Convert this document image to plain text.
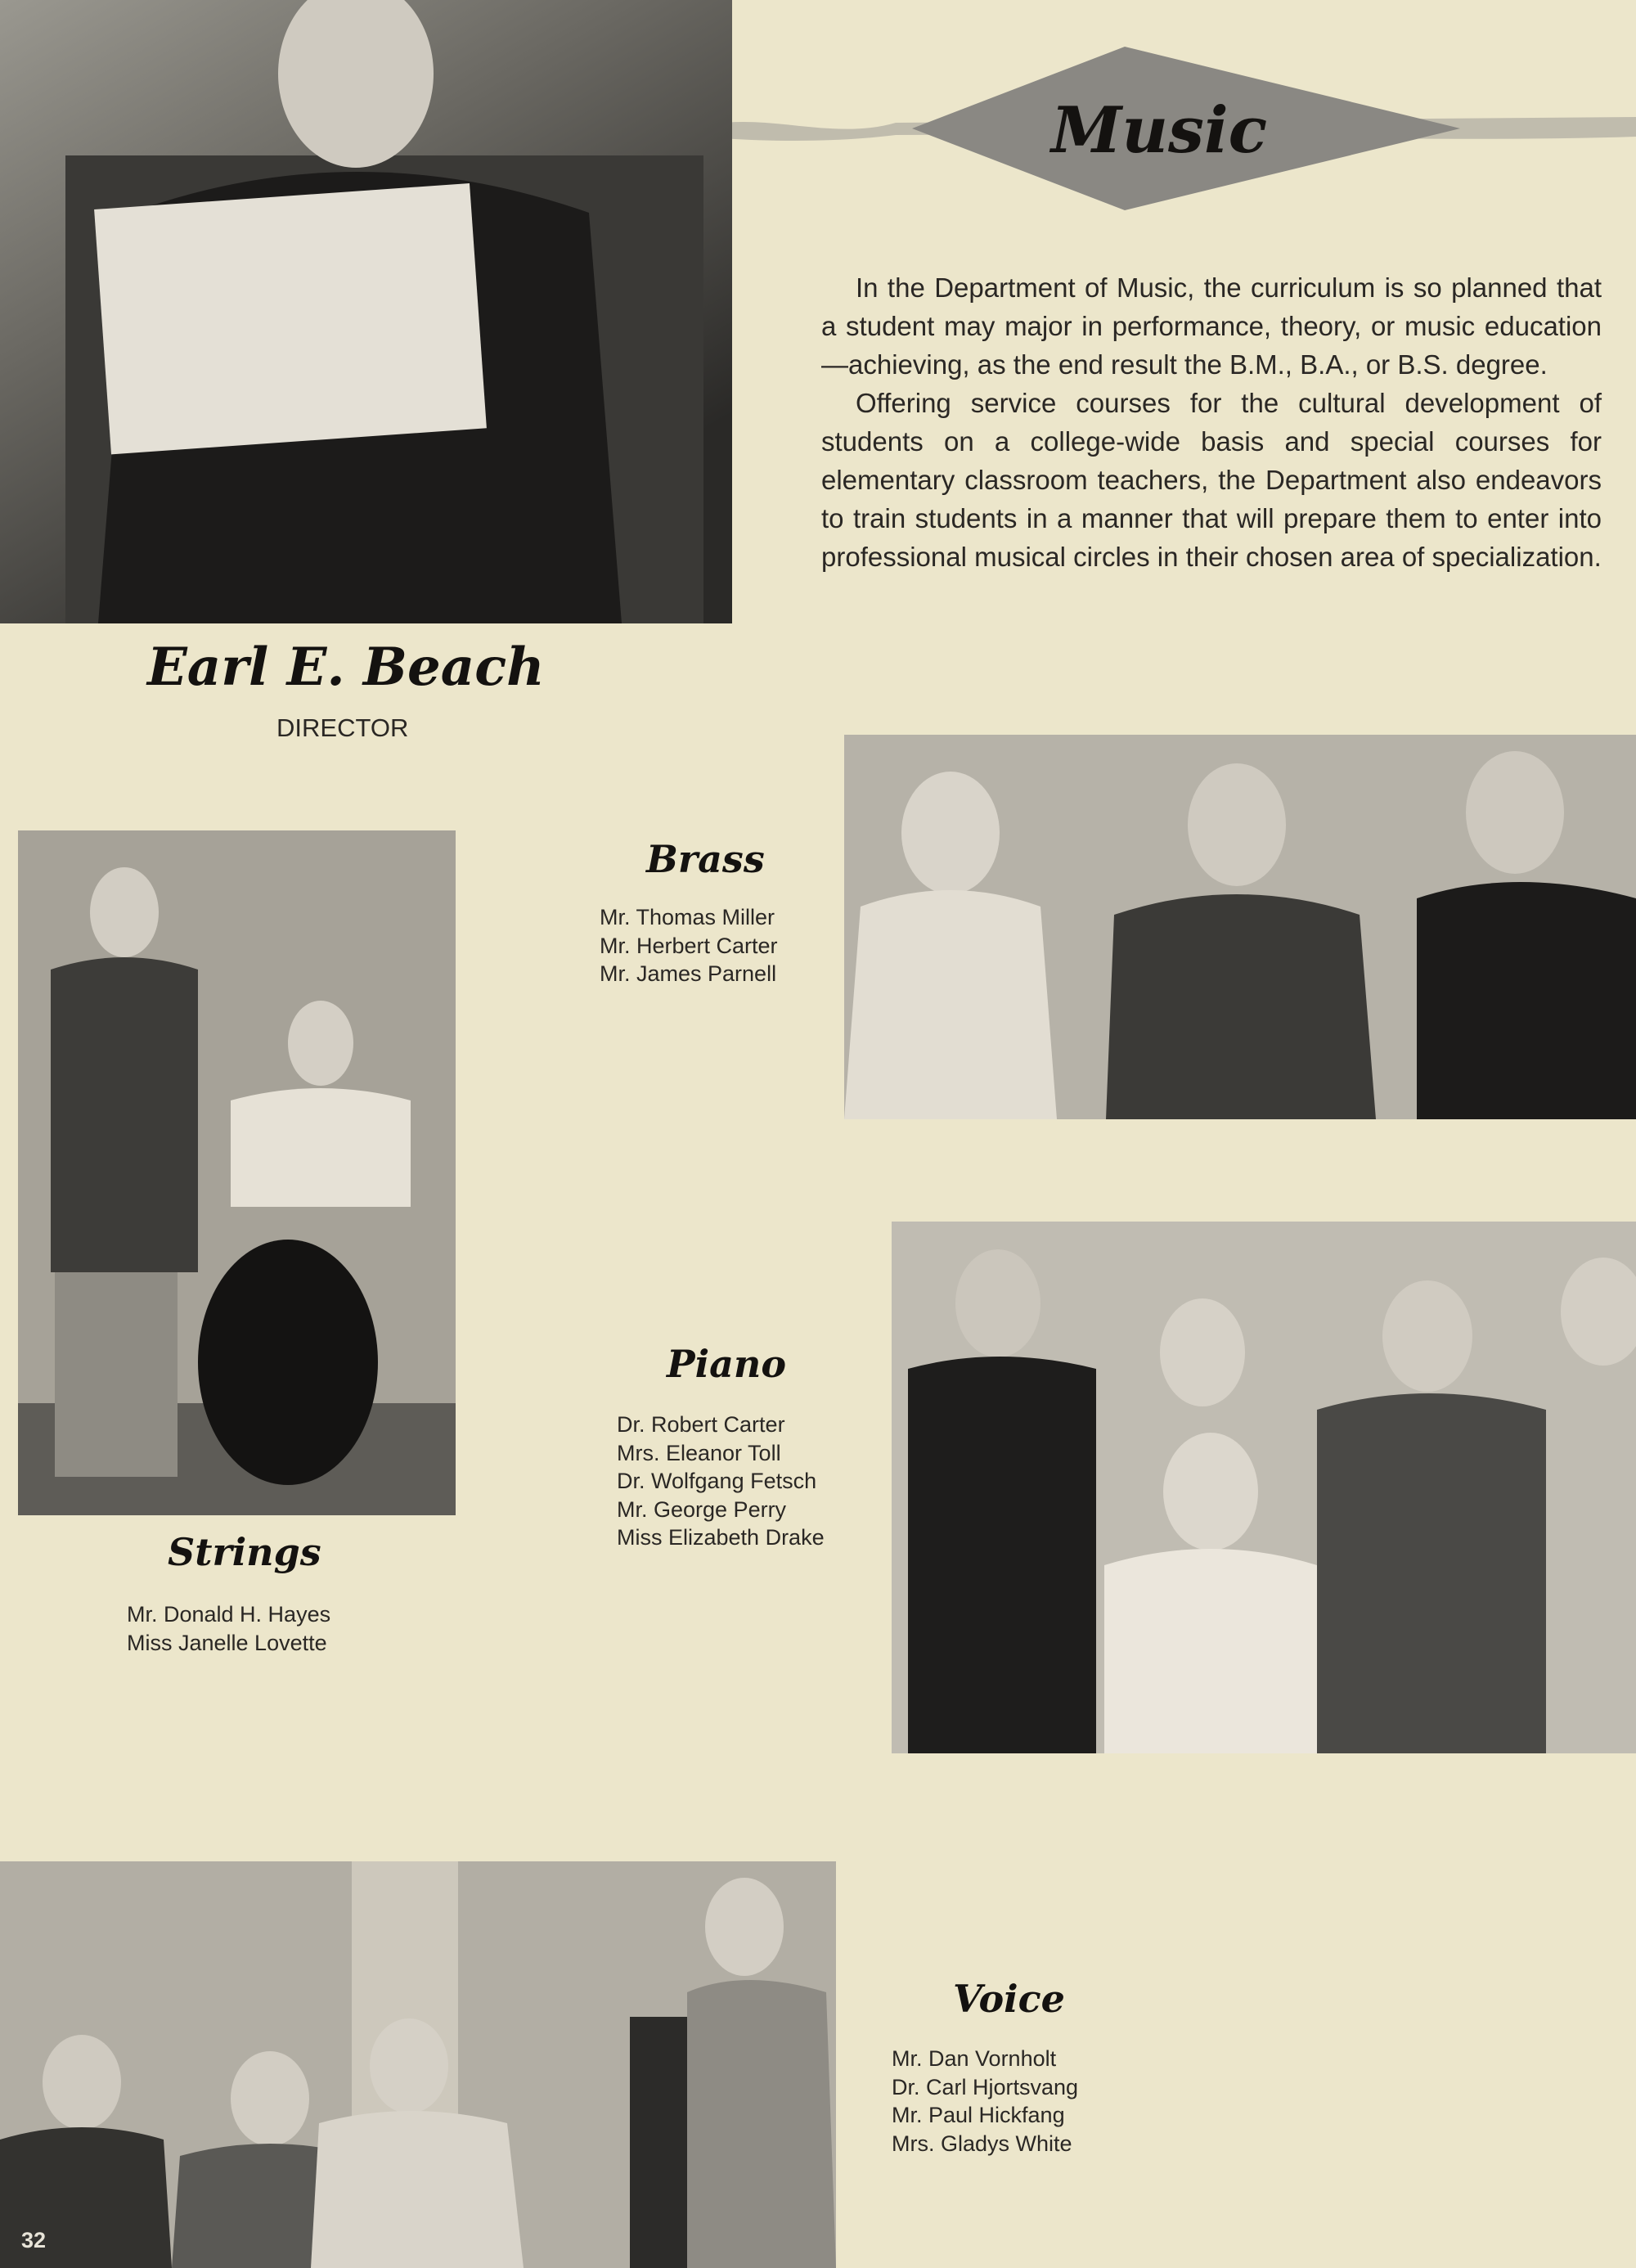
Music

In the Department of Music, the curriculum is so planned that a student may major in performance, theory, or music education—achieving, as the end result the B.M., B.A., or B.S. degree.

Offering service courses for the cultural development of students on a college-wide basis and special courses for elementary classroom teachers, the Department also endeavors to train students in a manner that will prepare them to enter into professional musical circles in their chosen area of specialization.

Earl E. Beach
DIRECTOR
Brass
Mr. Thomas Miller
Mr. Herbert Carter
Mr. James Parnell
Strings
Mr. Donald H. Hayes
Miss Janelle Lovette
Piano
Dr. Robert Carter
Mrs. Eleanor Toll
Dr. Wolfgang Fetsch
Mr. George Perry
Miss Elizabeth Drake
Voice
Mr. Dan Vornholt
Dr. Carl Hjortsvang
Mr. Paul Hickfang
Mrs. Gladys White
32
